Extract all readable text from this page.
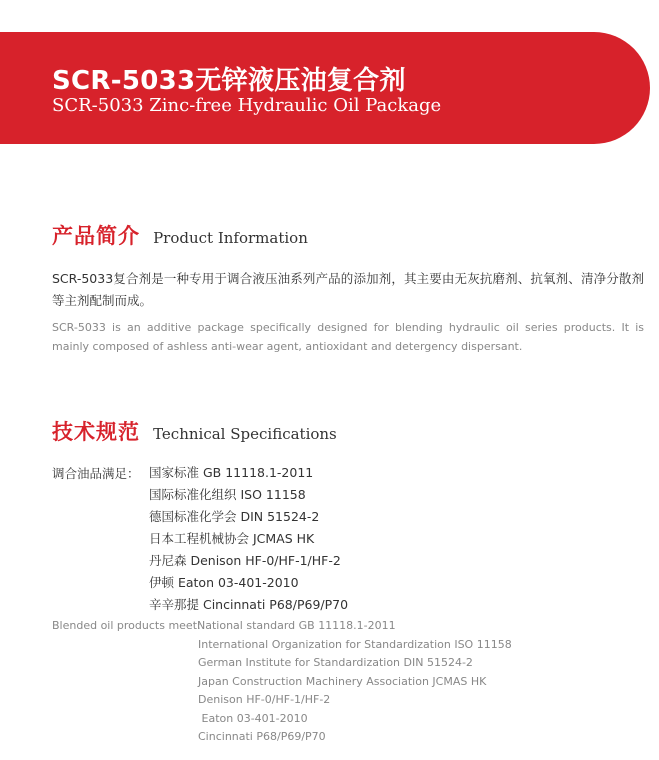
SCR-5033无锌液压油复合剂
SCR-5033 Zinc-free Hydraulic Oil Package
产品简介 Product Information
SCR-5033复合剂是一种专用于调合液压油系列产品的添加剂，其主要由无灰抗磨剂、抗氧剂、清净分散剂等主剂配制而成。
SCR-5033 is an additive package specifically designed for blending hydraulic oil series products. It is mainly composed of ashless anti-wear agent, antioxidant and detergency dispersant.
技术规范 Technical Specifications
调合油品满足： 国家标准 GB 11118.1-2011
国际标准化组织 ISO 11158
德国标准化学会 DIN 51524-2
日本工程机械协会 JCMAS HK
丹尼森 Denison HF-0/HF-1/HF-2
伊顿 Eaton 03-401-2010
辛辛那提 Cincinnati P68/P69/P70
Blended oil products meet:
National standard GB 11118.1-2011
International Organization for Standardization ISO 11158
German Institute for Standardization DIN 51524-2
Japan Construction Machinery Association JCMAS HK
Denison HF-0/HF-1/HF-2
Eaton 03-401-2010
Cincinnati P68/P69/P70
